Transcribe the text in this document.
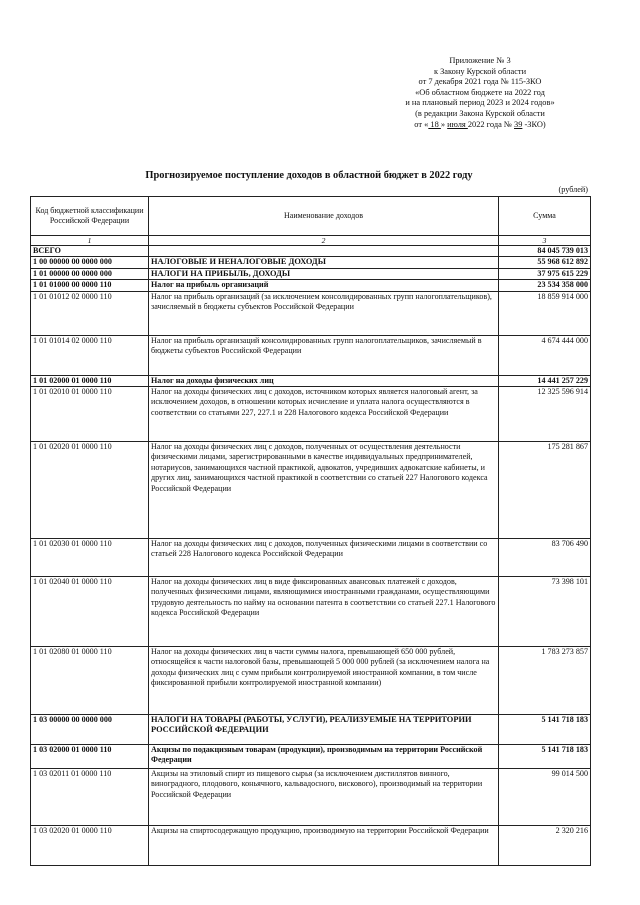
Приложение № 3
к Закону Курской области
от 7 декабря 2021 года № 115-ЗКО
«Об областном бюджете на 2022 год
и на плановый период 2023 и 2024 годов»
(в редакции Закона Курской области
от « 18 » июля 2022 года № 39 -ЗКО)
Прогнозируемое поступление доходов в областной бюджет в 2022 году
(рублей)
Код бюджетной классификации Российской Федерации	Наименование доходов	Сумма
1	2	3
ВСЕГО		84 045 739 013
1 00 00000 00 0000 000	НАЛОГОВЫЕ И НЕНАЛОГОВЫЕ ДОХОДЫ	55 968 612 892
1 01 00000 00 0000 000	НАЛОГИ НА ПРИБЫЛЬ, ДОХОДЫ	37 975 615 229
1 01 01000 00 0000 110	Налог на прибыль организаций	23 534 358 000
1 01 01012 02 0000 110	Налог на прибыль организаций (за исключением консолидированных групп налогоплательщиков), зачисляемый в бюджеты субъектов Российской Федерации	18 859 914 000
1 01 01014 02 0000 110	Налог на прибыль организаций консолидированных групп налогоплательщиков, зачисляемый в бюджеты субъектов Российской Федерации	4 674 444 000
1 01 02000 01 0000 110	Налог на доходы физических лиц	14 441 257 229
1 01 02010 01 0000 110	Налог на доходы физических лиц с доходов, источником которых является налоговый агент, за исключением доходов, в отношении которых исчисление и уплата налога осуществляются в соответствии со статьями 227, 227.1 и 228 Налогового кодекса Российской Федерации	12 325 596 914
1 01 02020 01 0000 110	Налог на доходы физических лиц с доходов, полученных от осуществления деятельности физическими лицами, зарегистрированными в качестве индивидуальных предпринимателей, нотариусов, занимающихся частной практикой, адвокатов, учредивших адвокатские кабинеты, и других лиц, занимающихся частной практикой в соответствии со статьей 227 Налогового кодекса Российской Федерации	175 281 867
1 01 02030 01 0000 110	Налог на доходы физических лиц с доходов, полученных физическими лицами в соответствии со статьей 228 Налогового кодекса Российской Федерации	83 706 490
1 01 02040 01 0000 110	Налог на доходы физических лиц в виде фиксированных авансовых платежей с доходов, полученных физическими лицами, являющимися иностранными гражданами, осуществляющими трудовую деятельность по найму на основании патента в соответствии со статьей 227.1 Налогового кодекса Российской Федерации	73 398 101
1 01 02080 01 0000 110	Налог на доходы физических лиц в части суммы налога, превышающей 650 000 рублей, относящейся к части налоговой базы, превышающей 5 000 000 рублей (за исключением налога на доходы физических лиц с сумм прибыли контролируемой иностранной компании, в том числе фиксированной прибыли контролируемой иностранной компании)	1 783 273 857
1 03 00000 00 0000 000	НАЛОГИ НА ТОВАРЫ (РАБОТЫ, УСЛУГИ), РЕАЛИЗУЕМЫЕ НА ТЕРРИТОРИИ РОССИЙСКОЙ ФЕДЕРАЦИИ	5 141 718 183
1 03 02000 01 0000 110	Акцизы по подакцизным товарам (продукции), производимым на территории Российской Федерации	5 141 718 183
1 03 02011 01 0000 110	Акцизы на этиловый спирт из пищевого сырья (за исключением дистиллятов винного, виноградного, плодового, коньячного, кальвадосного, вискового), производимый на территории Российской Федерации	99 014 500
1 03 02020 01 0000 110	Акцизы на спиртосодержащую продукцию, производимую на территории Российской Федерации	2 320 216
